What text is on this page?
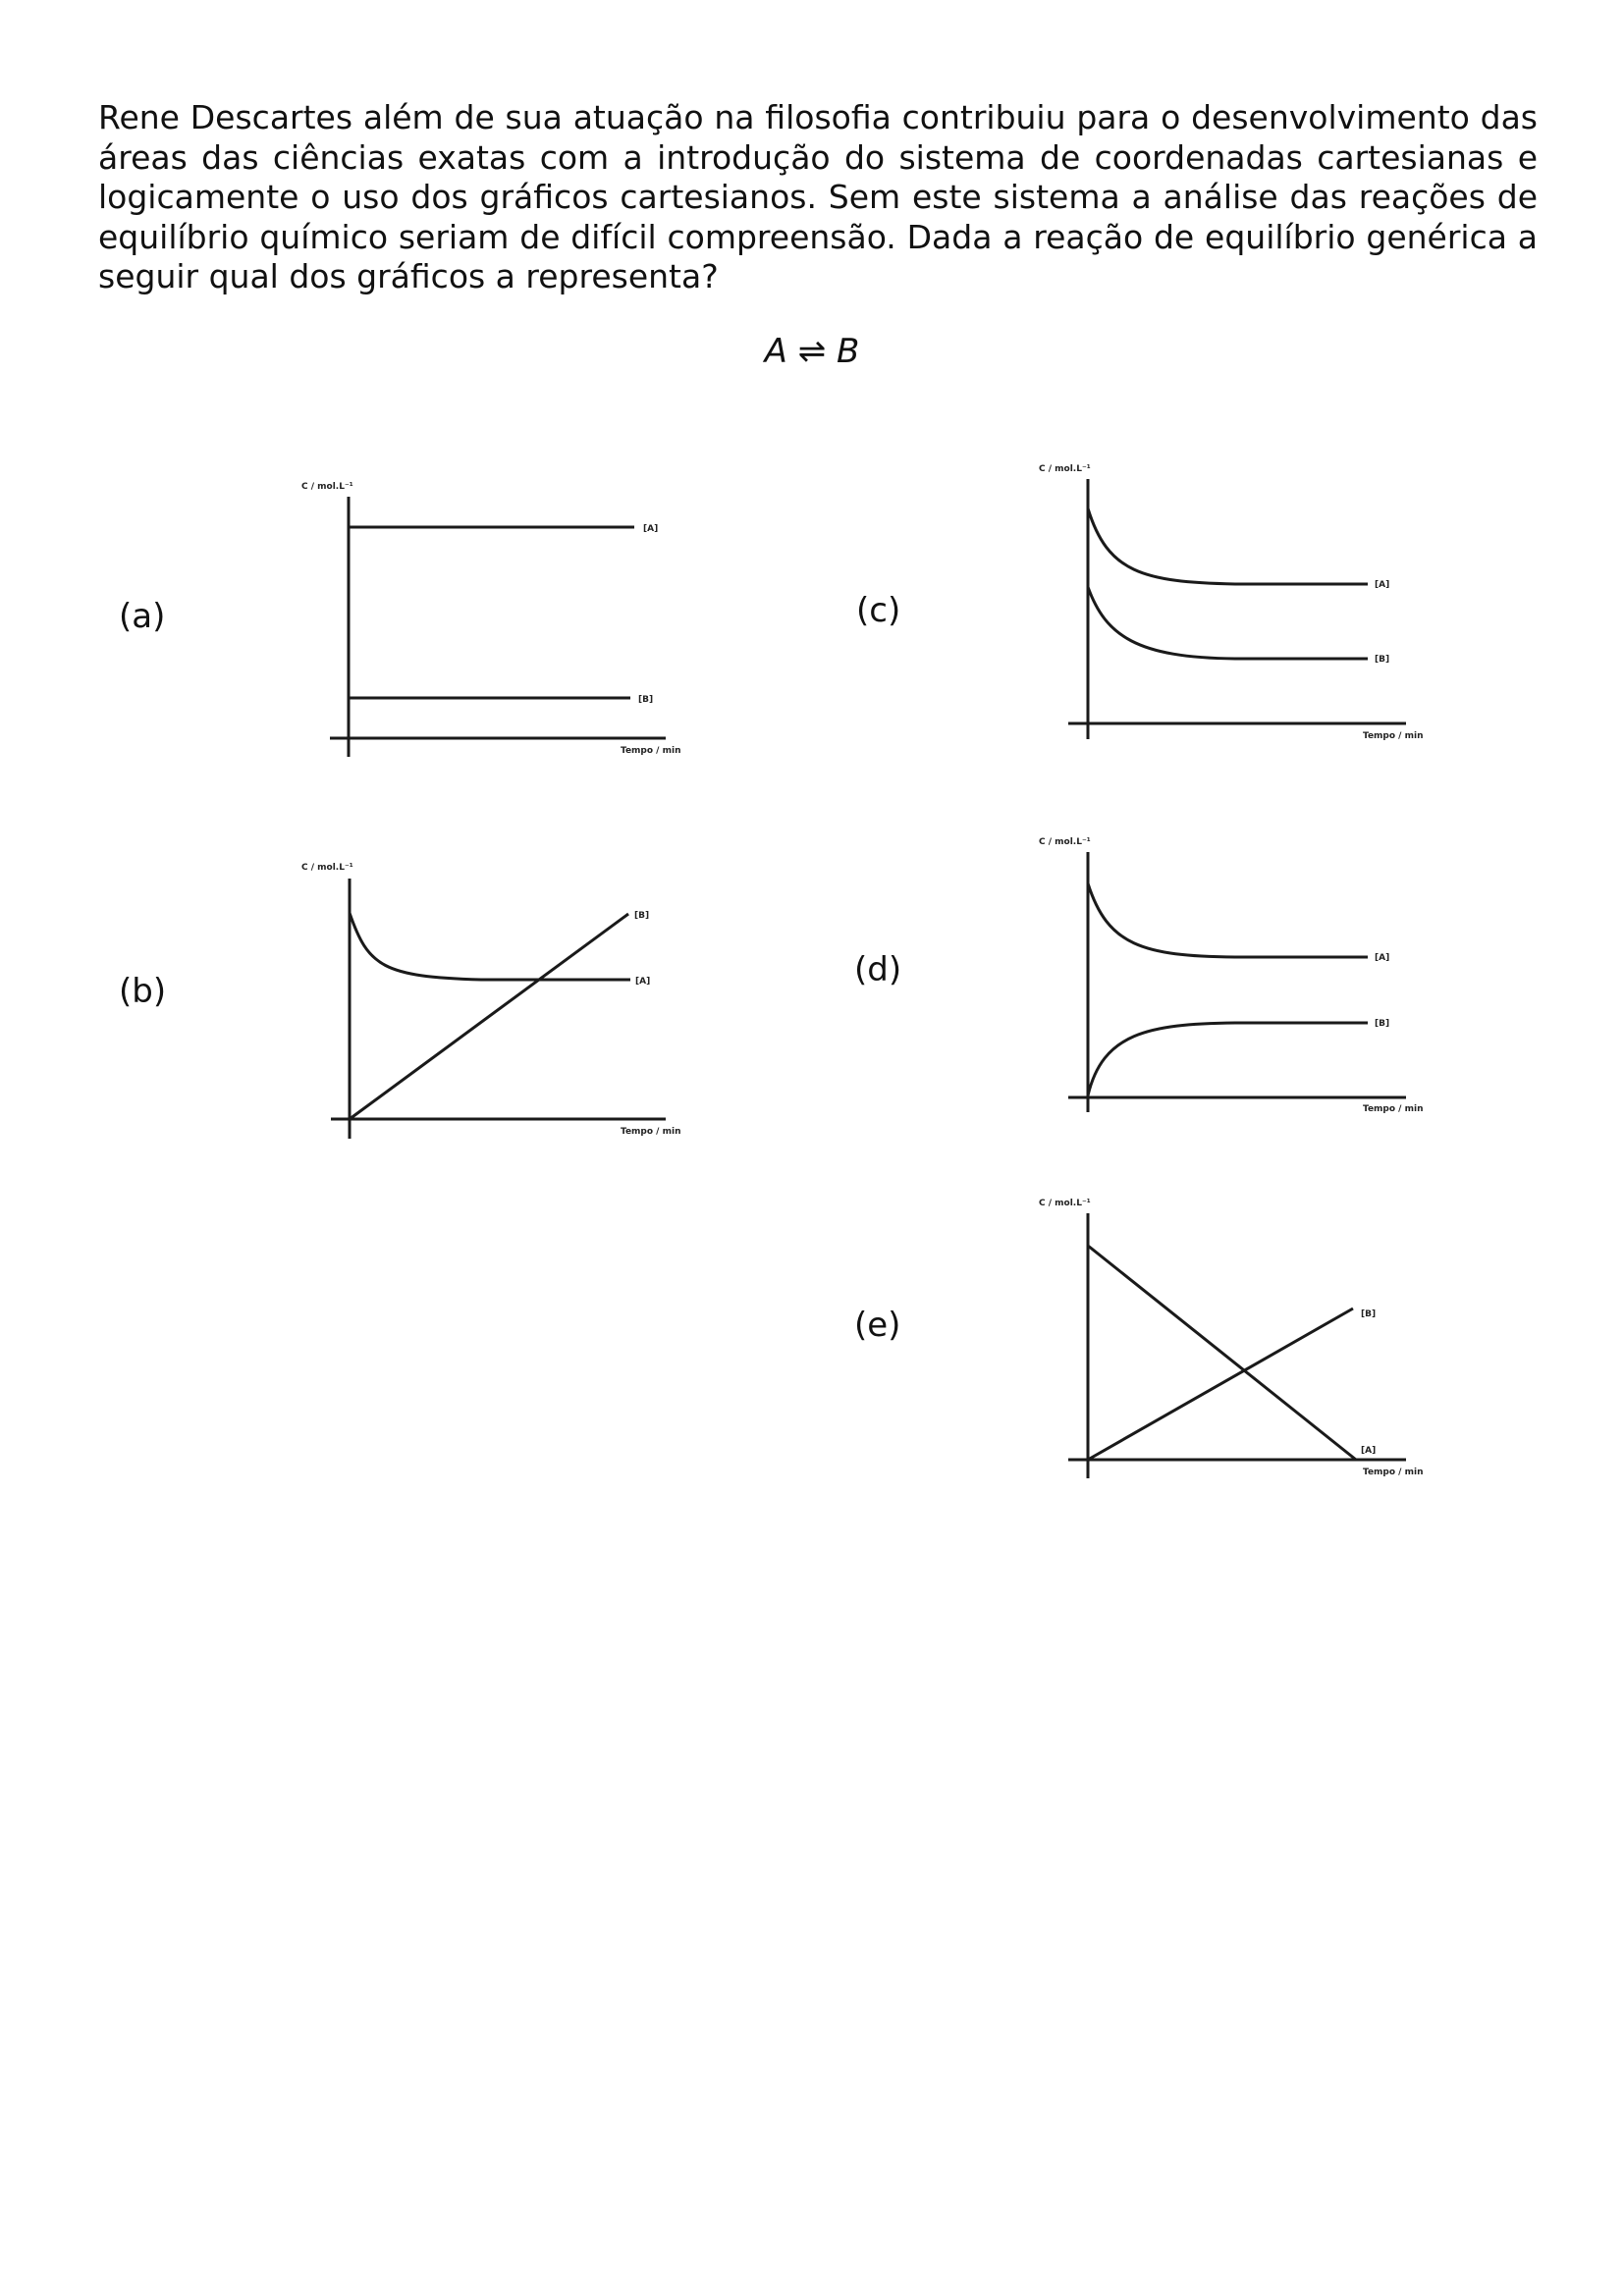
Rene Descartes além de sua atuação na filosofia contribuiu para o desenvolvimento das áreas das ciências exatas com a introdução do sistema de coordenadas cartesianas e logicamente o uso dos gráficos cartesianos. Sem este sistema a análise das reações de equilíbrio químico seriam de difícil compreensão. Dada a reação de equilíbrio genérica a seguir qual dos gráficos a representa?

A ⇌ B
(a)
C / mol.L⁻¹
[A]
[B]
Tempo / min
(b)
C / mol.L⁻¹
[B]
[A]
Tempo / min
(c)
C / mol.L⁻¹
[A]
[B]
Tempo / min
(d)
C / mol.L⁻¹
[A]
[B]
Tempo / min
(e)
C / mol.L⁻¹
[B]
[A]
Tempo / min
